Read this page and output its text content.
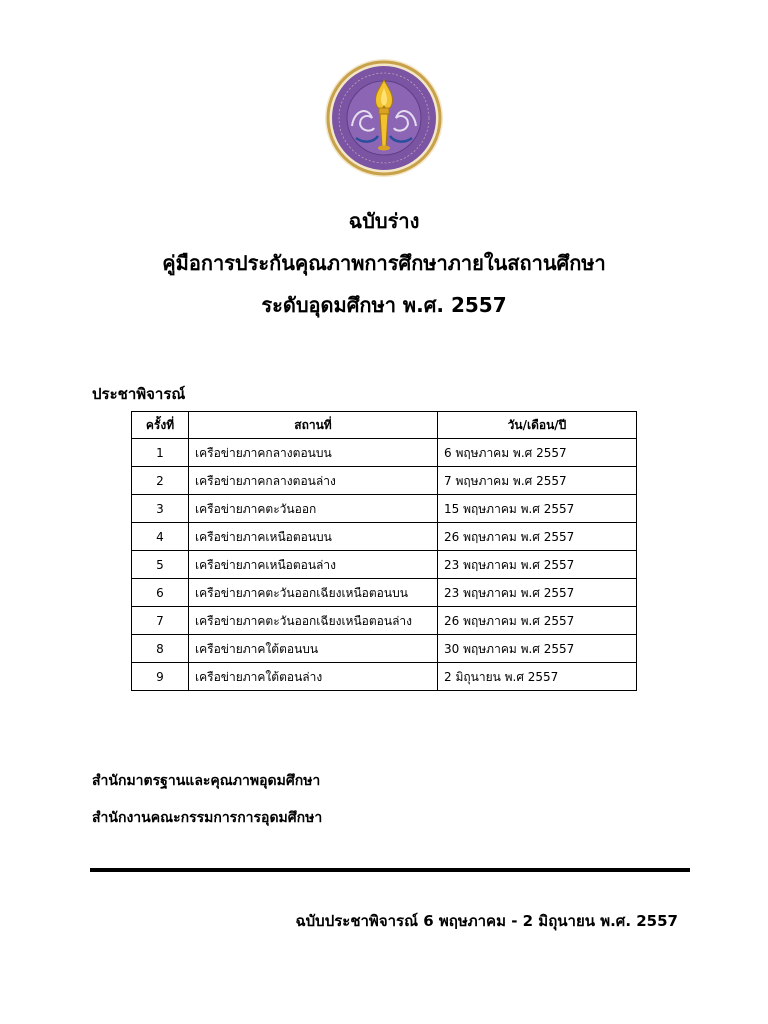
ฉบับร่าง

คู่มือการประกันคุณภาพการศึกษาภายในสถานศึกษา

ระดับอุดมศึกษา พ.ศ. 2557

ประชาพิจารณ์
ครั้งที่	สถานที่	วัน/เดือน/ปี
1	เครือข่ายภาคกลางตอนบน	6 พฤษภาคม พ.ศ 2557
2	เครือข่ายภาคกลางตอนล่าง	7 พฤษภาคม พ.ศ 2557
3	เครือข่ายภาคตะวันออก	15 พฤษภาคม พ.ศ 2557
4	เครือข่ายภาคเหนือตอนบน	26 พฤษภาคม พ.ศ 2557
5	เครือข่ายภาคเหนือตอนล่าง	23 พฤษภาคม พ.ศ 2557
6	เครือข่ายภาคตะวันออกเฉียงเหนือตอนบน	23 พฤษภาคม พ.ศ 2557
7	เครือข่ายภาคตะวันออกเฉียงเหนือตอนล่าง	26 พฤษภาคม พ.ศ 2557
8	เครือข่ายภาคใต้ตอนบน	30 พฤษภาคม พ.ศ 2557
9	เครือข่ายภาคใต้ตอนล่าง	2 มิถุนายน พ.ศ 2557
สำนักมาตรฐานและคุณภาพอุดมศึกษา
สำนักงานคณะกรรมการการอุดมศึกษา
ฉบับประชาพิจารณ์ 6 พฤษภาคม - 2 มิถุนายน พ.ศ. 2557
